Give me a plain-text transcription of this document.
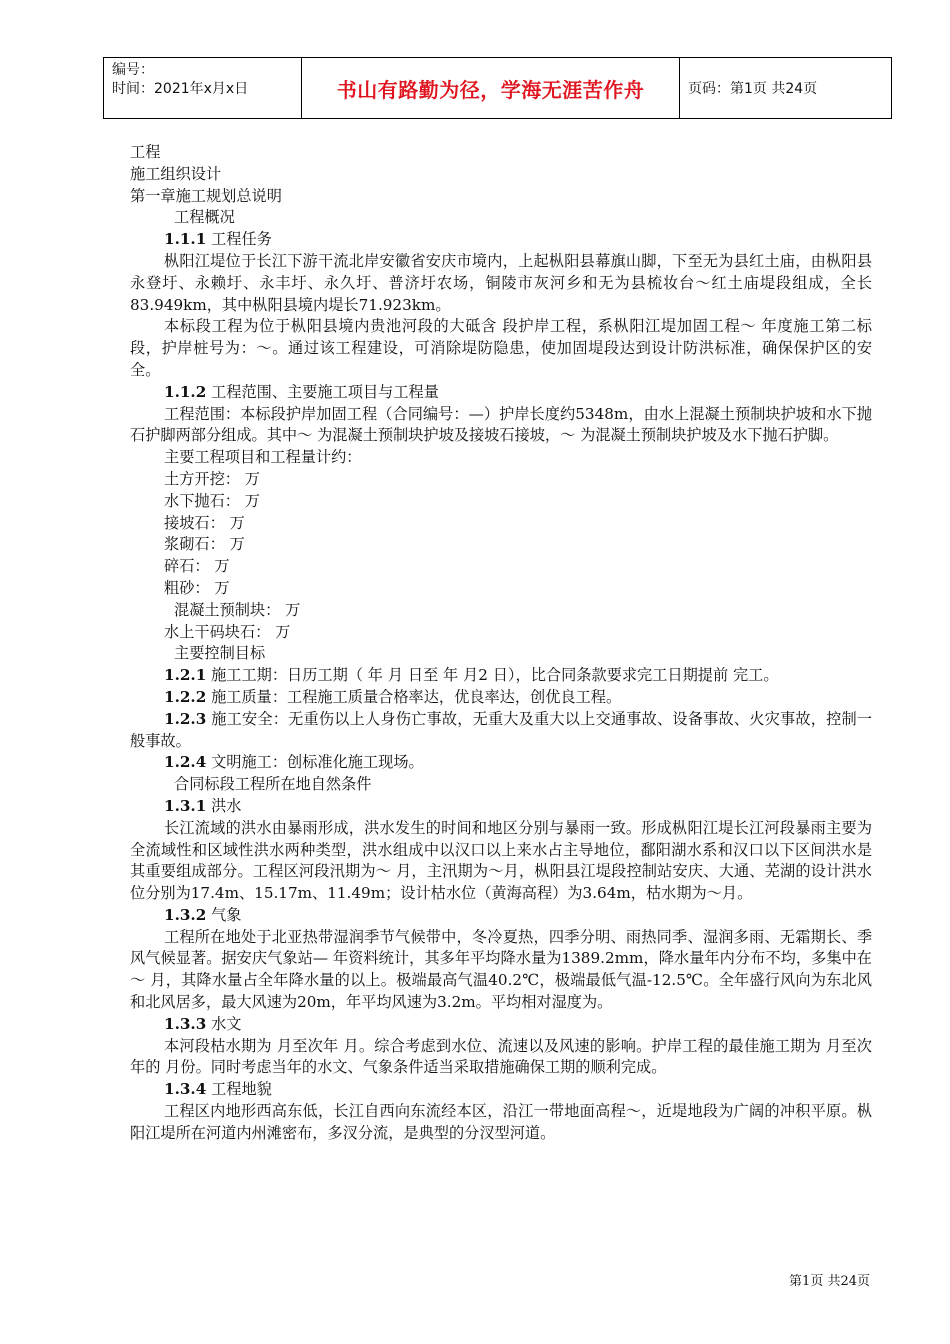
编号：
时间：2021年x月x日	书山有路勤为径，学海无涯苦作舟	页码：第1页 共24页

工程

施工组织设计

第一章施工规划总说明

工程概况

1.1.1 工程任务

枞阳江堤位于长江下游干流北岸安徽省安庆市境内，上起枞阳县幕旗山脚，下至无为县红土庙，由枞阳县永登圩、永赖圩、永丰圩、永久圩、普济圩农场，铜陵市灰河乡和无为县梳妆台～红土庙堤段组成，全长83.949km，其中枞阳县境内堤长71.923km。

本标段工程为位于枞阳县境内贵池河段的大砥含 段护岸工程，系枞阳江堤加固工程～ 年度施工第二标段，护岸桩号为：～。通过该工程建设，可消除堤防隐患，使加固堤段达到设计防洪标准，确保保护区的安全。

1.1.2 工程范围、主要施工项目与工程量

工程范围：本标段护岸加固工程（合同编号：—）护岸长度约5348m，由水上混凝土预制块护坡和水下抛石护脚两部分组成。其中～ 为混凝土预制块护坡及接坡石接坡，～ 为混凝土预制块护坡及水下抛石护脚。

主要工程项目和工程量计约：

土方开挖： 万

水下抛石： 万

接坡石： 万

浆砌石： 万

碎石： 万

粗砂： 万

混凝土预制块： 万

水上干码块石： 万

主要控制目标

1.2.1 施工工期：日历工期（ 年 月 日至 年 月2 日），比合同条款要求完工日期提前 完工。

1.2.2 施工质量：工程施工质量合格率达，优良率达，创优良工程。

1.2.3 施工安全：无重伤以上人身伤亡事故，无重大及重大以上交通事故、设备事故、火灾事故，控制一般事故。

1.2.4 文明施工：创标准化施工现场。

合同标段工程所在地自然条件

1.3.1 洪水

长江流域的洪水由暴雨形成，洪水发生的时间和地区分别与暴雨一致。形成枞阳江堤长江河段暴雨主要为全流域性和区域性洪水两种类型，洪水组成中以汉口以上来水占主导地位，鄱阳湖水系和汉口以下区间洪水是其重要组成部分。工程区河段汛期为～ 月，主汛期为～月，枞阳县江堤段控制站安庆、大通、芜湖的设计洪水位分别为17.4m、15.17m、11.49m；设计枯水位（黄海高程）为3.64m，枯水期为～月。

1.3.2 气象

工程所在地处于北亚热带湿润季节气候带中，冬冷夏热，四季分明、雨热同季、湿润多雨、无霜期长、季风气候显著。据安庆气象站— 年资料统计，其多年平均降水量为1389.2mm，降水量年内分布不均，多集中在～ 月，其降水量占全年降水量的以上。极端最高气温40.2℃，极端最低气温-12.5℃。全年盛行风向为东北风和北风居多，最大风速为20m，年平均风速为3.2m。平均相对湿度为。

1.3.3 水文

本河段枯水期为 月至次年 月。综合考虑到水位、流速以及风速的影响。护岸工程的最佳施工期为 月至次年的 月份。同时考虑当年的水文、气象条件适当采取措施确保工期的顺利完成。

1.3.4 工程地貌

工程区内地形西高东低，长江自西向东流经本区，沿江一带地面高程～，近堤地段为广阔的冲积平原。枞阳江堤所在河道内州滩密布，多汊分流，是典型的分汊型河道。

第1页 共24页
